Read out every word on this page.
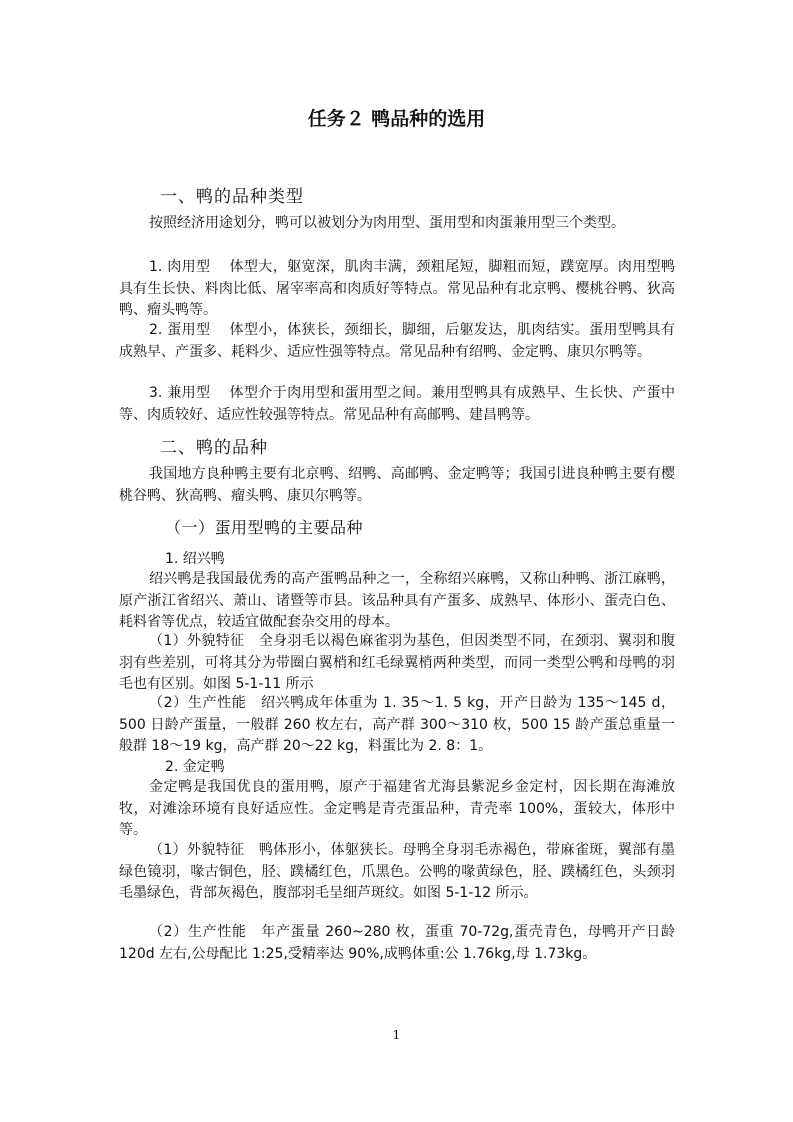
任务２ 鸭品种的选用
一、鸭的品种类型
按照经济用途划分，鸭可以被划分为肉用型、蛋用型和肉蛋兼用型三个类型。
1. 肉用型　 体型大，躯宽深，肌肉丰满，颈粗尾短，脚粗而短，蹼宽厚。肉用型鸭具有生长快、料肉比低、屠宰率高和肉质好等特点。常见品种有北京鸭、樱桃谷鸭、狄高鸭、瘤头鸭等。
2. 蛋用型　 体型小，体狭长，颈细长，脚细，后躯发达，肌肉结实。蛋用型鸭具有成熟早、产蛋多、耗料少、适应性强等特点。常见品种有绍鸭、金定鸭、康贝尔鸭等。
3. 兼用型　 体型介于肉用型和蛋用型之间。兼用型鸭具有成熟早、生长快、产蛋中等、肉质较好、适应性较强等特点。常见品种有高邮鸭、建昌鸭等。
二、鸭的品种
我国地方良种鸭主要有北京鸭、绍鸭、高邮鸭、金定鸭等；我国引进良种鸭主要有樱桃谷鸭、狄高鸭、瘤头鸭、康贝尔鸭等。
（一）蛋用型鸭的主要品种
1. 绍兴鸭
绍兴鸭是我国最优秀的高产蛋鸭品种之一，全称绍兴麻鸭，又称山种鸭、浙江麻鸭，原产浙江省绍兴、萧山、诸暨等市县。该品种具有产蛋多、成熟早、体形小、蛋壳白色、耗料省等优点，较适宜做配套杂交用的母本。
（1）外貌特征　全身羽毛以褐色麻雀羽为基色，但因类型不同，在颈羽、翼羽和腹羽有些差别，可将其分为带圈白翼梢和红毛绿翼梢两种类型，而同一类型公鸭和母鸭的羽毛也有区别。如图 5-1-11 所示
（2）生产性能　绍兴鸭成年体重为 1. 35～1. 5 kg，开产日龄为 135～145 d，500 日龄产蛋量，一般群 260 枚左右，高产群 300～310 枚，500 15 龄产蛋总重量一般群 18～19 kg，高产群 20～22 kg，料蛋比为 2. 8：1。
2. 金定鸭
金定鸭是我国优良的蛋用鸭，原产于福建省尤海县紫泥乡金定村，因长期在海滩放牧，对滩涂环境有良好适应性。金定鸭是青壳蛋品种，青壳率 100%，蛋较大，体形中等。
（1）外貌特征　鸭体形小，体躯狭长。母鸭全身羽毛赤褐色，带麻雀斑，翼部有墨绿色镜羽，喙古铜色，胫、蹼橘红色，爪黑色。公鸭的喙黄绿色，胫、蹼橘红色，头颈羽毛墨绿色，背部灰褐色，腹部羽毛呈细芦斑纹。如图 5-1-12 所示。
（2）生产性能　年产蛋量 260~280 枚，蛋重 70-72g,蛋壳青色，母鸭开产日龄 120d 左右,公母配比 1:25,受精率达 90%,成鸭体重:公 1.76kg,母 1.73kg。
1
